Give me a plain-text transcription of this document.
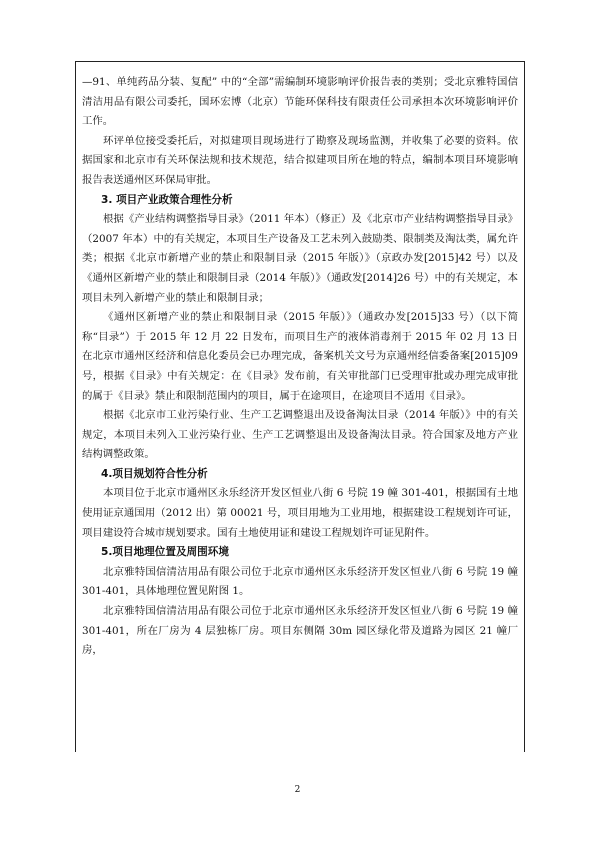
—91、单纯药品分装、复配” 中的“全部”需编制环境影响评价报告表的类别；受北京雅特国信清洁用品有限公司委托，国环宏博（北京）节能环保科技有限责任公司承担本次环境影响评价工作。

环评单位接受委托后，对拟建项目现场进行了勘察及现场监测，并收集了必要的资料。依据国家和北京市有关环保法规和技术规范，结合拟建项目所在地的特点，编制本项目环境影响报告表送通州区环保局审批。

3. 项目产业政策合理性分析

根据《产业结构调整指导目录》（2011 年本）（修正）及《北京市产业结构调整指导目录》（2007 年本）中的有关规定，本项目生产设备及工艺未列入鼓励类、限制类及淘汰类，属允许类；根据《北京市新增产业的禁止和限制目录（2015 年版）》（京政办发[2015]42 号）以及《通州区新增产业的禁止和限制目录（2014 年版）》（通政发[2014]26 号）中的有关规定，本项目未列入新增产业的禁止和限制目录；

《通州区新增产业的禁止和限制目录（2015 年版）》（通政办发[2015]33 号）（以下简称“目录”）于 2015 年 12 月 22 日发布，而项目生产的液体消毒剂于 2015 年 02 月 13 日在北京市通州区经济和信息化委员会已办理完成，备案机关文号为京通州经信委备案[2015]09 号，根据《目录》中有关规定：在《目录》发布前，有关审批部门已受理审批或办理完成审批的属于《目录》禁止和限制范围内的项目，属于在途项目，在途项目不适用《目录》。

根据《北京市工业污染行业、生产工艺调整退出及设备淘汰目录（2014 年版）》中的有关规定，本项目未列入工业污染行业、生产工艺调整退出及设备淘汰目录。符合国家及地方产业结构调整政策。

4.项目规划符合性分析

本项目位于北京市通州区永乐经济开发区恒业八街 6 号院 19 幢 301-401，根据国有土地使用证京通国用（2012 出）第 00021 号，项目用地为工业用地，根据建设工程规划许可证，项目建设符合城市规划要求。国有土地使用证和建设工程规划许可证见附件。

5.项目地理位置及周围环境

北京雅特国信清洁用品有限公司位于北京市通州区永乐经济开发区恒业八街 6 号院 19 幢 301-401，具体地理位置见附图 1。

北京雅特国信清洁用品有限公司位于北京市通州区永乐经济开发区恒业八街 6 号院 19 幢 301-401，所在厂房为 4 层独栋厂房。项目东侧隔 30m 园区绿化带及道路为园区 21 幢厂房，

2
